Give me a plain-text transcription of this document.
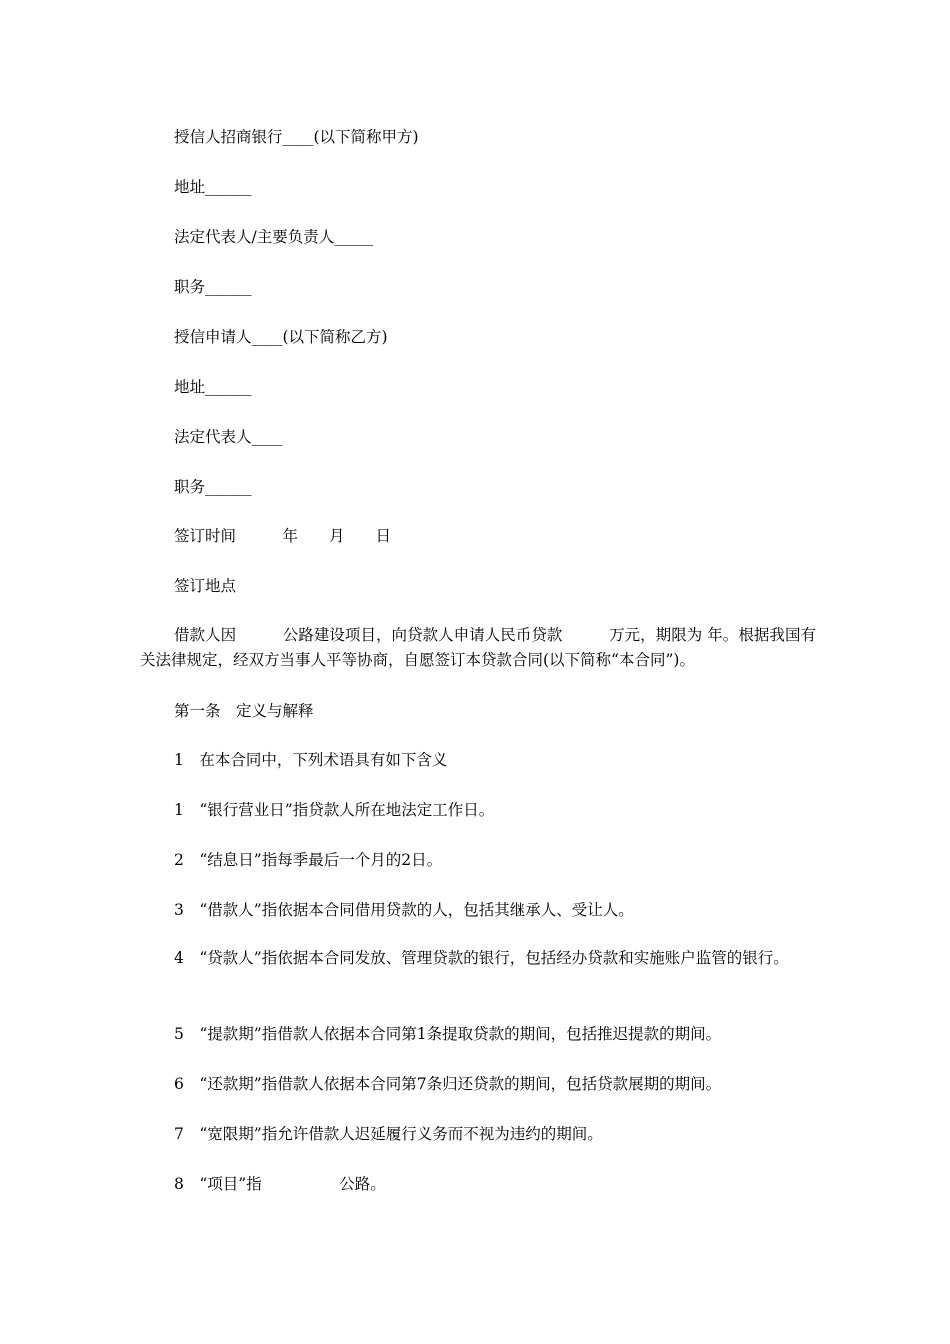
授信人招商银行____(以下简称甲方)
地址______
法定代表人/主要负责人_____
职务______
授信申请人____(以下简称乙方)
地址______
法定代表人____
职务______
签订时间　　　年　　月　　日
签订地点
借款人因　　　公路建设项目，向贷款人申请人民币贷款　　　万元，期限为 年。根据我国有关法律规定，经双方当事人平等协商，自愿签订本贷款合同(以下简称“本合同”)。
第一条　定义与解释
1　在本合同中，下列术语具有如下含义
1　“银行营业日”指贷款人所在地法定工作日。
2　“结息日”指每季最后一个月的2日。
3　“借款人”指依据本合同借用贷款的人，包括其继承人、受让人。
4　“贷款人”指依据本合同发放、管理贷款的银行，包括经办贷款和实施账户监管的银行。
5　“提款期”指借款人依据本合同第1条提取贷款的期间，包括推迟提款的期间。
6　“还款期”指借款人依据本合同第7条归还贷款的期间，包括贷款展期的期间。
7　“宽限期”指允许借款人迟延履行义务而不视为违约的期间。
8　“项目”指　　　　　公路。
